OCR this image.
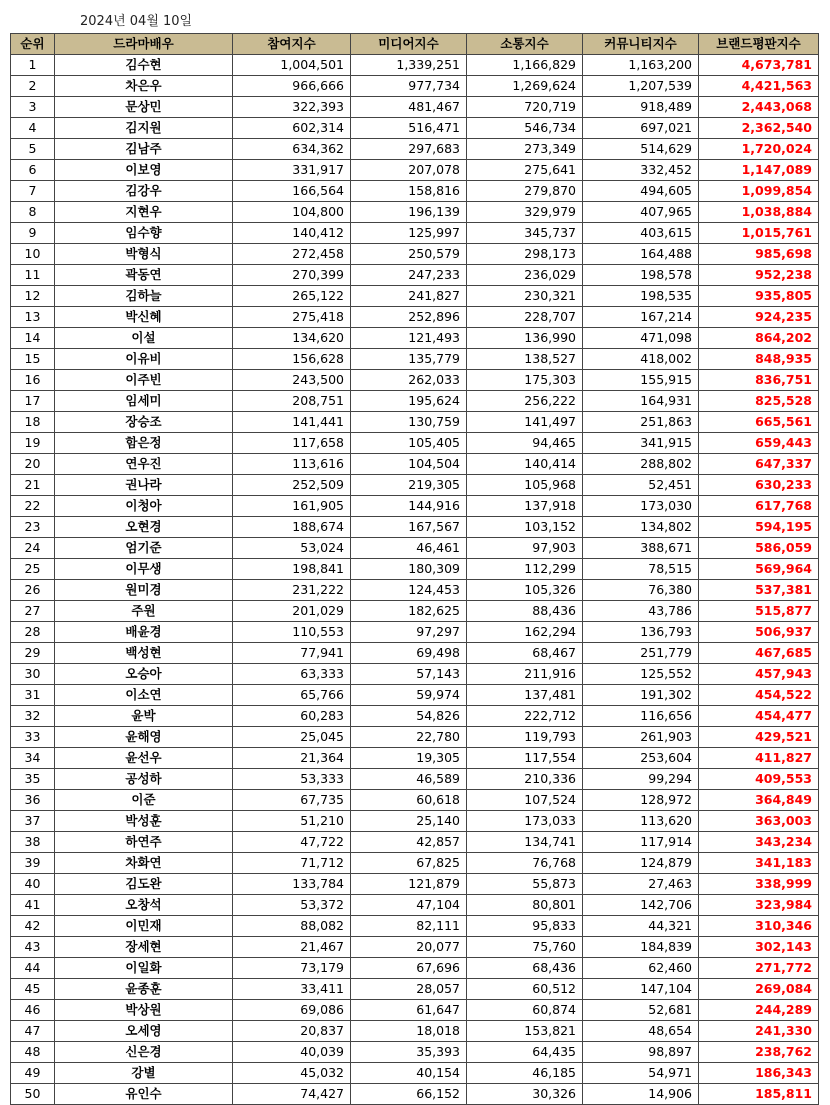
2024년 04월 10일
순위	드라마배우	참여지수	미디어지수	소통지수	커뮤니티지수	브랜드평판지수
1	김수현	1,004,501	1,339,251	1,166,829	1,163,200	4,673,781
2	차은우	966,666	977,734	1,269,624	1,207,539	4,421,563
3	문상민	322,393	481,467	720,719	918,489	2,443,068
4	김지원	602,314	516,471	546,734	697,021	2,362,540
5	김남주	634,362	297,683	273,349	514,629	1,720,024
6	이보영	331,917	207,078	275,641	332,452	1,147,089
7	김강우	166,564	158,816	279,870	494,605	1,099,854
8	지현우	104,800	196,139	329,979	407,965	1,038,884
9	임수향	140,412	125,997	345,737	403,615	1,015,761
10	박형식	272,458	250,579	298,173	164,488	985,698
11	곽동연	270,399	247,233	236,029	198,578	952,238
12	김하늘	265,122	241,827	230,321	198,535	935,805
13	박신혜	275,418	252,896	228,707	167,214	924,235
14	이설	134,620	121,493	136,990	471,098	864,202
15	이유비	156,628	135,779	138,527	418,002	848,935
16	이주빈	243,500	262,033	175,303	155,915	836,751
17	임세미	208,751	195,624	256,222	164,931	825,528
18	장승조	141,441	130,759	141,497	251,863	665,561
19	함은정	117,658	105,405	94,465	341,915	659,443
20	연우진	113,616	104,504	140,414	288,802	647,337
21	권나라	252,509	219,305	105,968	52,451	630,233
22	이청아	161,905	144,916	137,918	173,030	617,768
23	오현경	188,674	167,567	103,152	134,802	594,195
24	엄기준	53,024	46,461	97,903	388,671	586,059
25	이무생	198,841	180,309	112,299	78,515	569,964
26	원미경	231,222	124,453	105,326	76,380	537,381
27	주원	201,029	182,625	88,436	43,786	515,877
28	배윤경	110,553	97,297	162,294	136,793	506,937
29	백성현	77,941	69,498	68,467	251,779	467,685
30	오승아	63,333	57,143	211,916	125,552	457,943
31	이소연	65,766	59,974	137,481	191,302	454,522
32	윤박	60,283	54,826	222,712	116,656	454,477
33	윤해영	25,045	22,780	119,793	261,903	429,521
34	윤선우	21,364	19,305	117,554	253,604	411,827
35	공성하	53,333	46,589	210,336	99,294	409,553
36	이준	67,735	60,618	107,524	128,972	364,849
37	박성훈	51,210	25,140	173,033	113,620	363,003
38	하연주	47,722	42,857	134,741	117,914	343,234
39	차화연	71,712	67,825	76,768	124,879	341,183
40	김도완	133,784	121,879	55,873	27,463	338,999
41	오창석	53,372	47,104	80,801	142,706	323,984
42	이민재	88,082	82,111	95,833	44,321	310,346
43	장세현	21,467	20,077	75,760	184,839	302,143
44	이일화	73,179	67,696	68,436	62,460	271,772
45	윤종훈	33,411	28,057	60,512	147,104	269,084
46	박상원	69,086	61,647	60,874	52,681	244,289
47	오세영	20,837	18,018	153,821	48,654	241,330
48	신은경	40,039	35,393	64,435	98,897	238,762
49	강별	45,032	40,154	46,185	54,971	186,343
50	유인수	74,427	66,152	30,326	14,906	185,811
